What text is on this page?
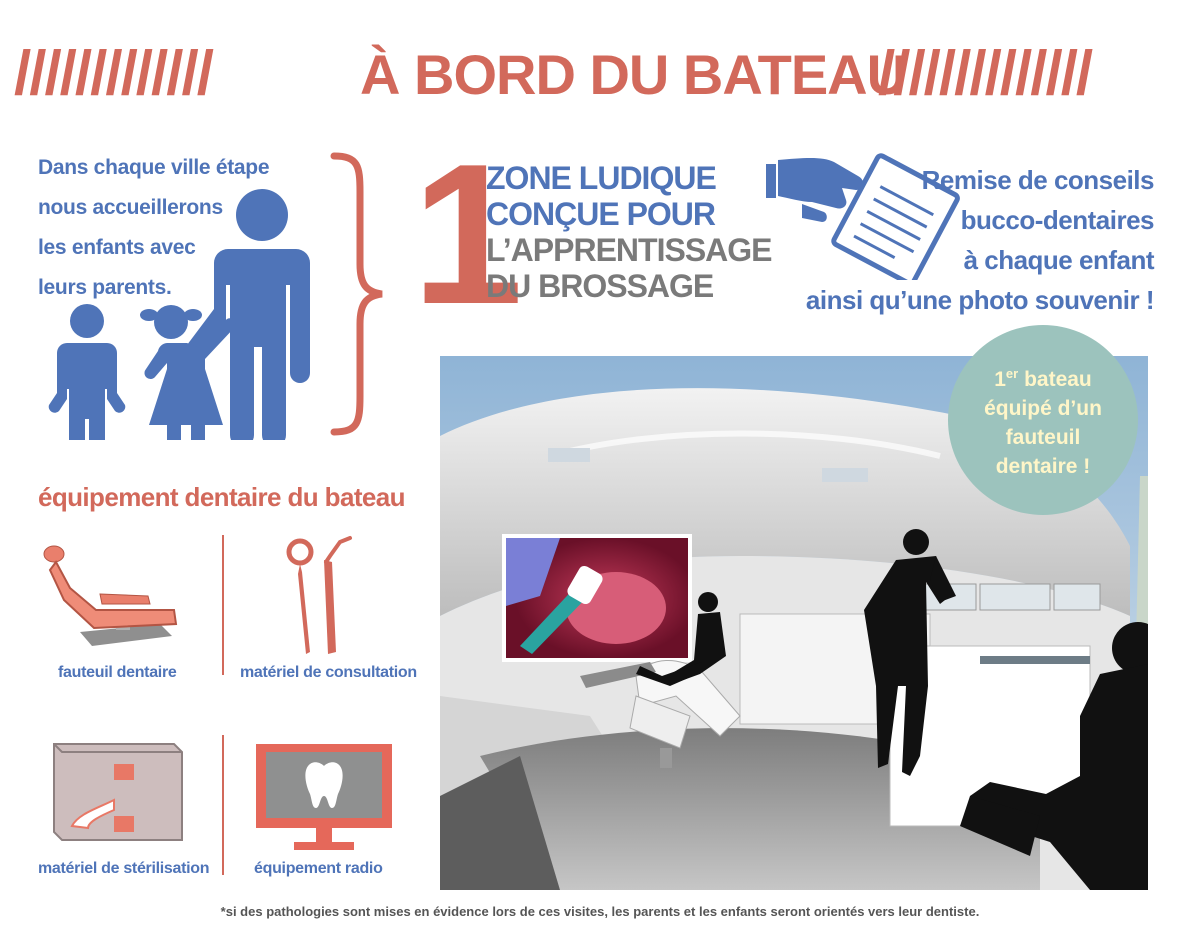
/////////////	À BORD DU BATEAU
//////////////
Dans chaque ville étape
nous accueillerons
les enfants avec
leurs parents.	1
ZONE LUDIQUE
CONÇUE POUR
L’APPRENTISSAGE
DU BROSSAGE
Remise de conseils
bucco-dentaires
à chaque enfant
ainsi qu’une photo souvenir !
1er bateau
équipé d’un
fauteuil
dentaire !
équipement dentaire du bateau
fauteuil dentaire	matériel de consultation
matériel de stérilisation	équipement radio
*si des pathologies sont mises en évidence lors de ces visites, les parents et les enfants seront orientés vers leur dentiste.
